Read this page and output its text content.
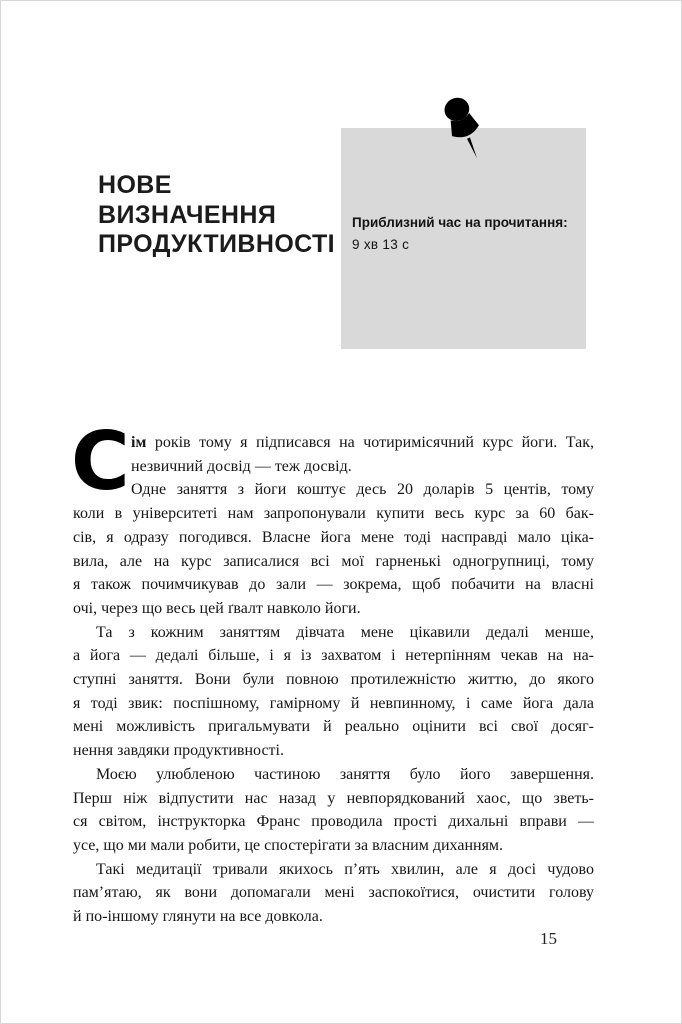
НОВЕ
ВИЗНАЧЕННЯ
ПРОДУКТИВНОСТІ
Приблизний час на прочитання:
9 хв 13 с
С ім років тому я підписався на чотиримісячний курс йоги. Так,
незвичний досвід — теж досвід.
Одне заняття з йоги коштує десь 20 доларів 5 центів, тому
коли в університеті нам запропонували купити весь курс за 60 бак-
сів, я одразу погодився. Власне йога мене тоді насправді мало ціка-
вила, але на курс записалися всі мої гарненькі одногрупниці, тому
я також почимчикував до зали — зокрема, щоб побачити на власні
очі, через що весь цей ґвалт навколо йоги.
Та з кожним заняттям дівчата мене цікавили дедалі менше,
а йога — дедалі більше, і я із захватом і нетерпінням чекав на на-
ступні заняття. Вони були повною протилежністю життю, до якого
я тоді звик: поспішному, гамірному й невпинному, і саме йога дала
мені можливість пригальмувати й реально оцінити всі свої досяг-
нення завдяки продуктивності.
Моєю улюбленою частиною заняття було його завершення.
Перш ніж відпустити нас назад у невпорядкований хаос, що зветь-
ся світом, інструкторка Франс проводила прості дихальні вправи —
усе, що ми мали робити, це спостерігати за власним диханням.
Такі медитації тривали якихось п’ять хвилин, але я досі чудово
пам’ятаю, як вони допомагали мені заспокоїтися, очистити голову
й по-іншому глянути на все довкола.
15
